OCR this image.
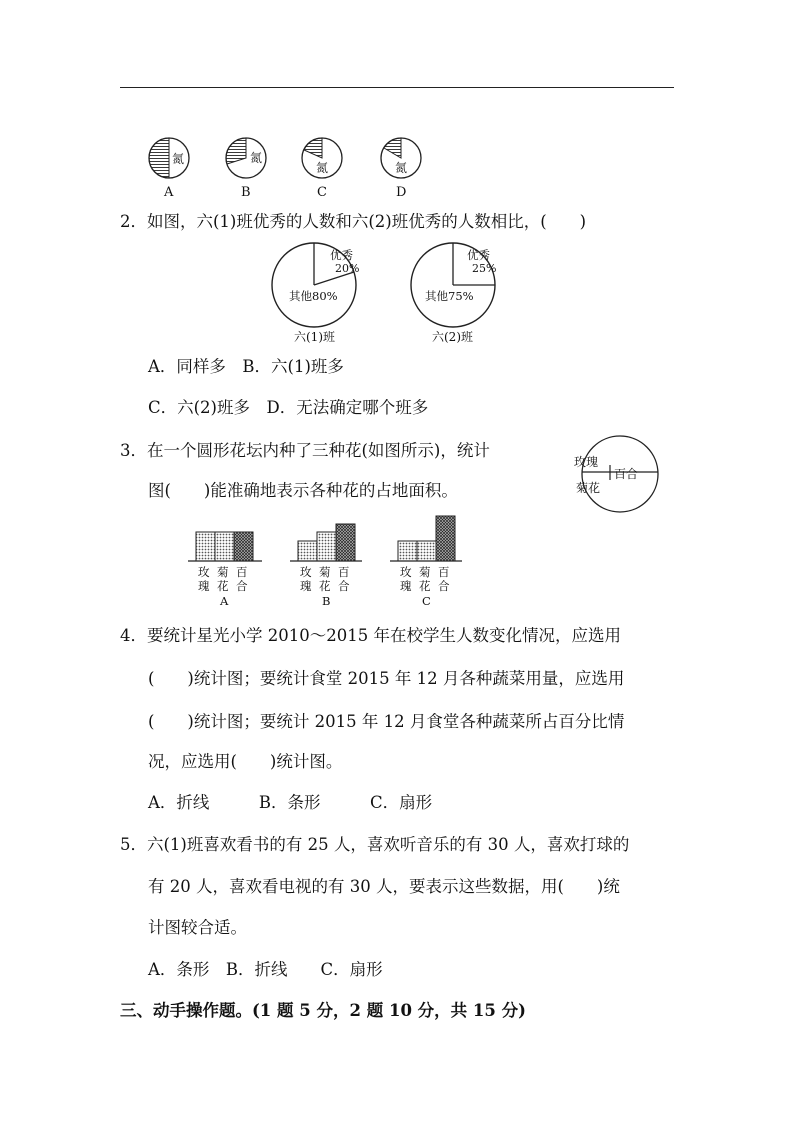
氮
A
氮
B
氮
C
氮
D
2．如图，六(1)班优秀的人数和六(2)班优秀的人数相比，(　　)
优秀
20%
其他80%
六(1)班
优秀
25%
其他75%
六(2)班
A．同样多　B．六(1)班多
C．六(2)班多　D．无法确定哪个班多
3．在一个圆形花坛内种了三种花(如图所示)，统计
图(　　)能准确地表示各种花的占地面积。
玫瑰
百合
菊花
玫
瑰
菊
花
百
合
A
玫
瑰
菊
花
百
合
B
玫
瑰
菊
花
百
合
C
4．要统计星光小学 2010～2015 年在校学生人数变化情况，应选用
(　　)统计图；要统计食堂 2015 年 12 月各种蔬菜用量，应选用
(　　)统计图；要统计 2015 年 12 月食堂各种蔬菜所占百分比情
况，应选用(　　)统计图。
A．折线　　　B．条形　　　C．扇形
5．六(1)班喜欢看书的有 25 人，喜欢听音乐的有 30 人，喜欢打球的
有 20 人，喜欢看电视的有 30 人，要表示这些数据，用(　　)统
计图较合适。
A．条形　B．折线　　C．扇形
三、动手操作题。(1 题 5 分，2 题 10 分，共 15 分)
